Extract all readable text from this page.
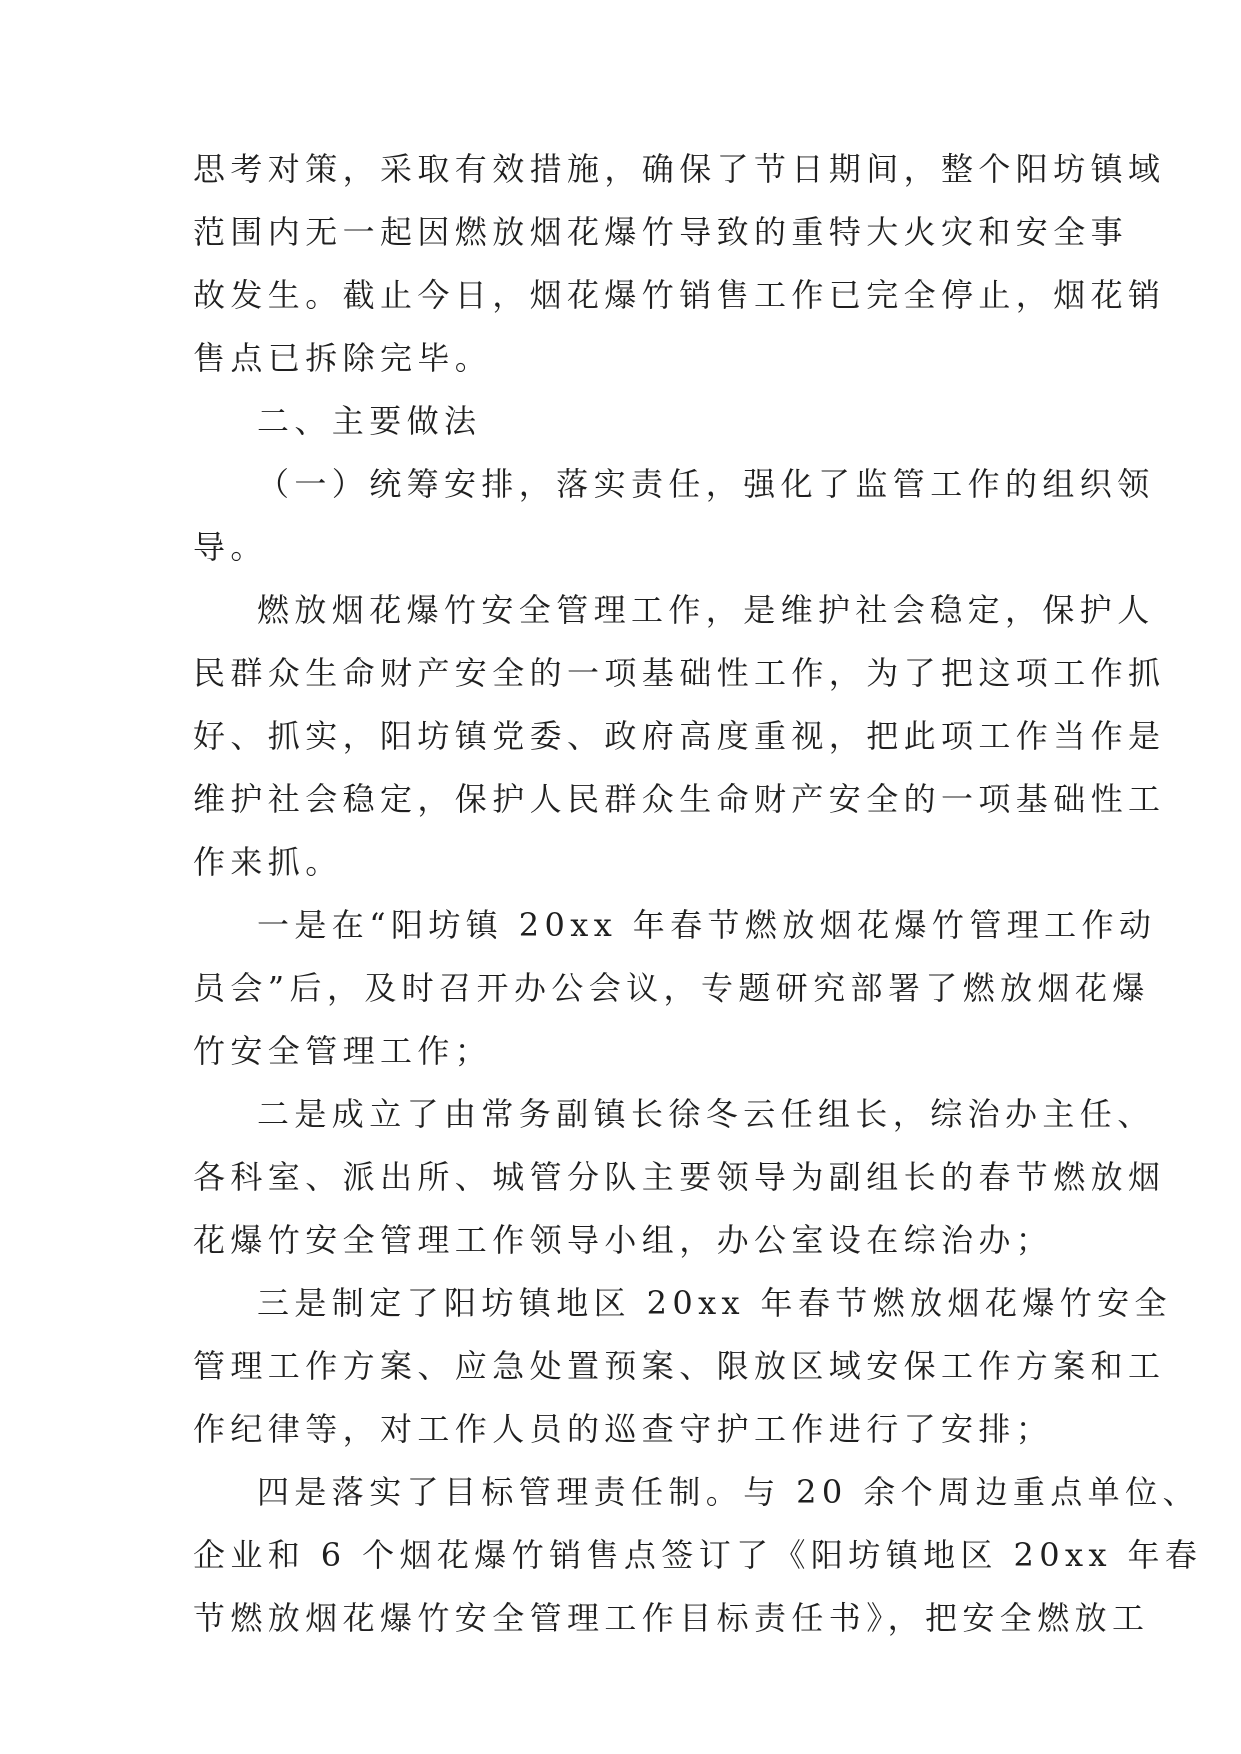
思考对策，采取有效措施，确保了节日期间，整个阳坊镇域
范围内无一起因燃放烟花爆竹导致的重特大火灾和安全事
故发生。截止今日，烟花爆竹销售工作已完全停止，烟花销
售点已拆除完毕。
二、主要做法
（一）统筹安排，落实责任，强化了监管工作的组织领
导。
燃放烟花爆竹安全管理工作，是维护社会稳定，保护人
民群众生命财产安全的一项基础性工作，为了把这项工作抓
好、抓实，阳坊镇党委、政府高度重视，把此项工作当作是
维护社会稳定，保护人民群众生命财产安全的一项基础性工
作来抓。
一是在“阳坊镇 20xx 年春节燃放烟花爆竹管理工作动
员会”后，及时召开办公会议，专题研究部署了燃放烟花爆
竹安全管理工作；
二是成立了由常务副镇长徐冬云任组长，综治办主任、
各科室、派出所、城管分队主要领导为副组长的春节燃放烟
花爆竹安全管理工作领导小组，办公室设在综治办；
三是制定了阳坊镇地区 20xx 年春节燃放烟花爆竹安全
管理工作方案、应急处置预案、限放区域安保工作方案和工
作纪律等，对工作人员的巡查守护工作进行了安排；
四是落实了目标管理责任制。与 20 余个周边重点单位、
企业和 6 个烟花爆竹销售点签订了《阳坊镇地区 20xx 年春
节燃放烟花爆竹安全管理工作目标责任书》，把安全燃放工
